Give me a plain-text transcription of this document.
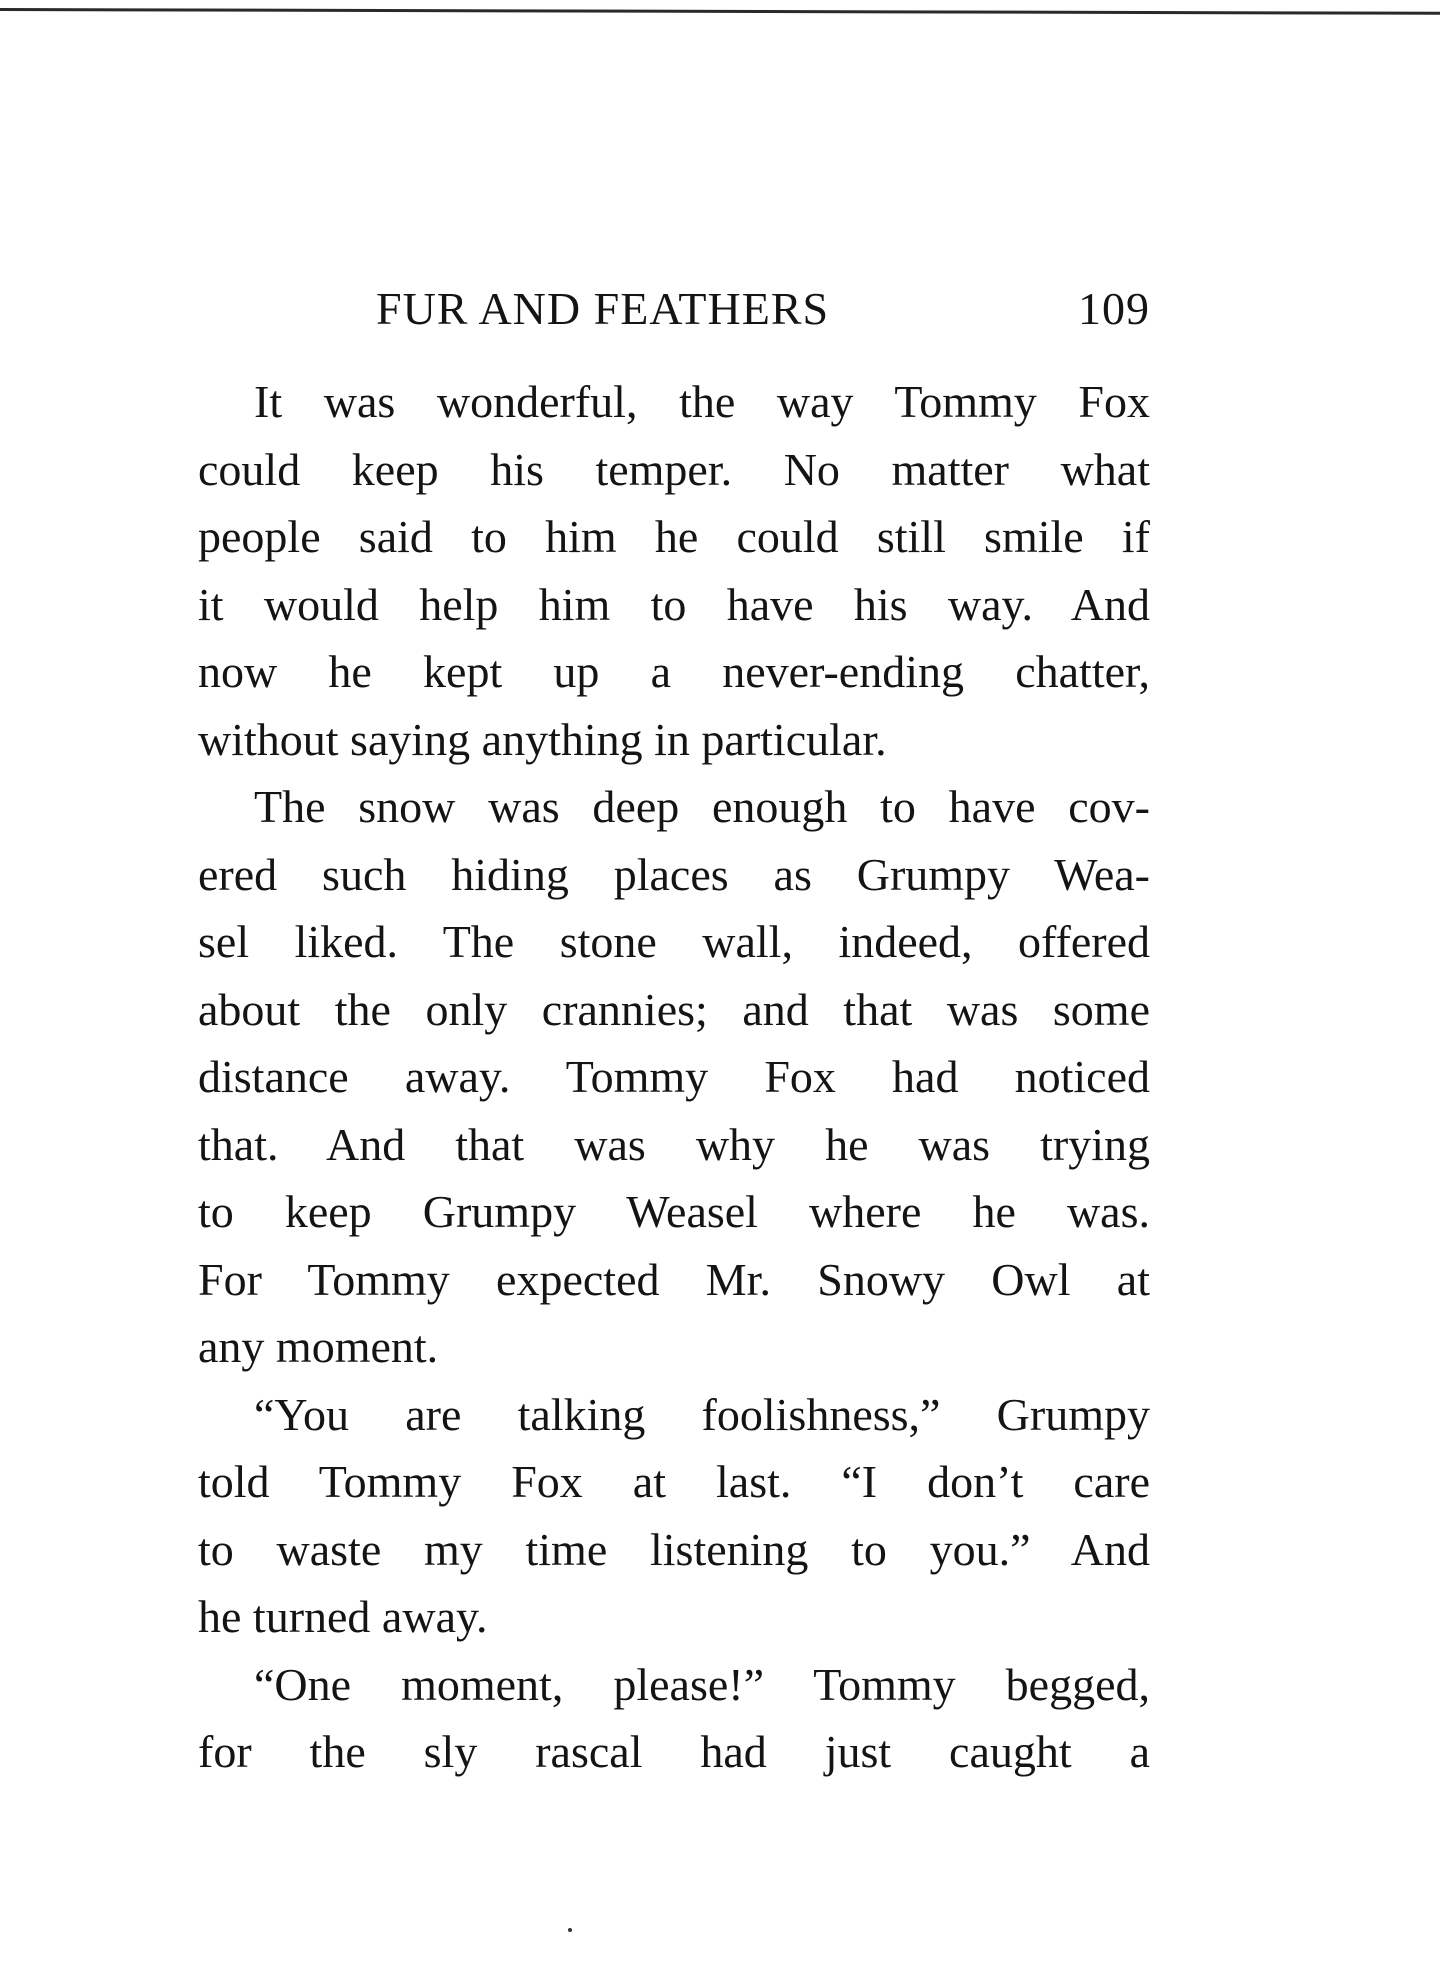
FUR AND FEATHERS	109

It was wonderful, the way Tommy Fox
could keep his temper. No matter what
people said to him he could still smile if
it would help him to have his way. And
now he kept up a never-ending chatter,
without saying anything in particular.

The snow was deep enough to have cov-
ered such hiding places as Grumpy Wea-
sel liked. The stone wall, indeed, offered
about the only crannies; and that was some
distance away. Tommy Fox had noticed
that. And that was why he was trying
to keep Grumpy Weasel where he was.
For Tommy expected Mr. Snowy Owl at
any moment.

“You are talking foolishness,” Grumpy
told Tommy Fox at last. “I don’t care
to waste my time listening to you.” And
he turned away.

“One moment, please!” Tommy begged,
for the sly rascal had just caught a
